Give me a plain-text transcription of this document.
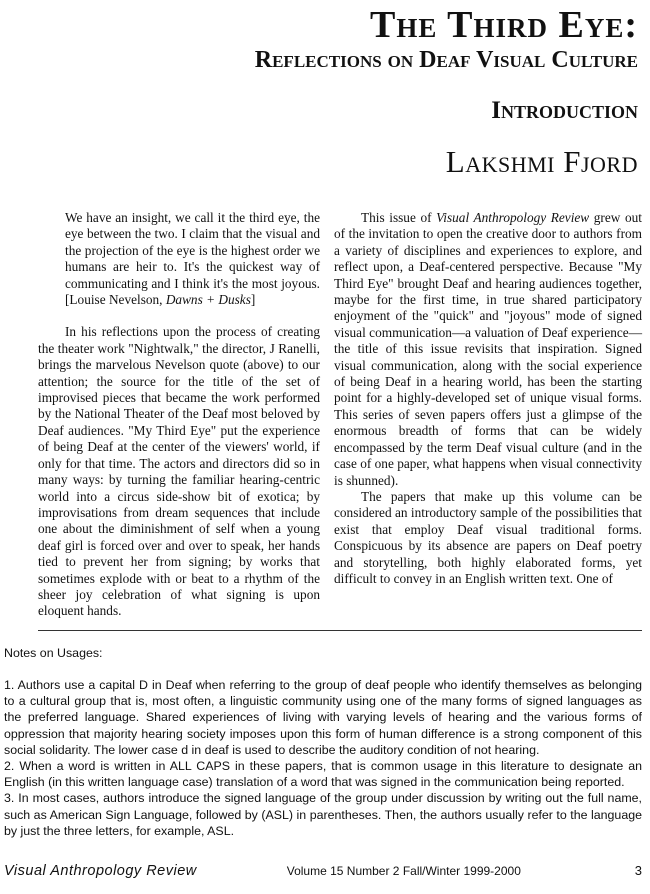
The Third Eye:
Reflections on Deaf Visual Culture
Introduction
Lakshmi Fjord

We have an insight, we call it the third eye, the eye between the two. I claim that the visual and the projection of the eye is the highest order we humans are heir to. It's the quickest way of communicating and I think it's the most joyous. [Louise Nevelson, Dawns + Dusks]

In his reflections upon the process of creating the theater work "Nightwalk," the director, J Ranelli, brings the marvelous Nevelson quote (above) to our attention; the source for the title of the set of improvised pieces that became the work performed by the National Theater of the Deaf most beloved by Deaf audiences. "My Third Eye" put the experience of being Deaf at the center of the viewers' world, if only for that time. The actors and directors did so in many ways: by turning the familiar hearing-centric world into a circus side-show bit of exotica; by improvisations from dream sequences that include one about the diminishment of self when a young deaf girl is forced over and over to speak, her hands tied to prevent her from signing; by works that sometimes explode with or beat to a rhythm of the sheer joy celebration of what signing is upon eloquent hands.

This issue of Visual Anthropology Review grew out of the invitation to open the creative door to authors from a variety of disciplines and experiences to explore, and reflect upon, a Deaf-centered perspective. Because "My Third Eye" brought Deaf and hearing audiences together, maybe for the first time, in true shared participatory enjoyment of the "quick" and "joyous" mode of signed visual communication—a valuation of Deaf experience—the title of this issue revisits that inspiration. Signed visual communication, along with the social experience of being Deaf in a hearing world, has been the starting point for a highly-developed set of unique visual forms. This series of seven papers offers just a glimpse of the enormous breadth of forms that can be widely encompassed by the term Deaf visual culture (and in the case of one paper, what happens when visual connectivity is shunned).

The papers that make up this volume can be considered an introductory sample of the possibilities that exist that employ Deaf visual traditional forms. Conspicuous by its absence are papers on Deaf poetry and storytelling, both highly elaborated forms, yet difficult to convey in an English written text. One of

Notes on Usages:

1. Authors use a capital D in Deaf when referring to the group of deaf people who identify themselves as belonging to a cultural group that is, most often, a linguistic community using one of the many forms of signed languages as the preferred language. Shared experiences of living with varying levels of hearing and the various forms of oppression that majority hearing society imposes upon this form of human difference is a strong component of this social solidarity. The lower case d in deaf is used to describe the auditory condition of not hearing.

2. When a word is written in ALL CAPS in these papers, that is common usage in this literature to designate an English (in this written language case) translation of a word that was signed in the communication being reported.

3. In most cases, authors introduce the signed language of the group under discussion by writing out the full name, such as American Sign Language, followed by (ASL) in parentheses. Then, the authors usually refer to the language by just the three letters, for example, ASL.

Visual Anthropology Review	Volume 15 Number 2 Fall/Winter 1999-2000	3
